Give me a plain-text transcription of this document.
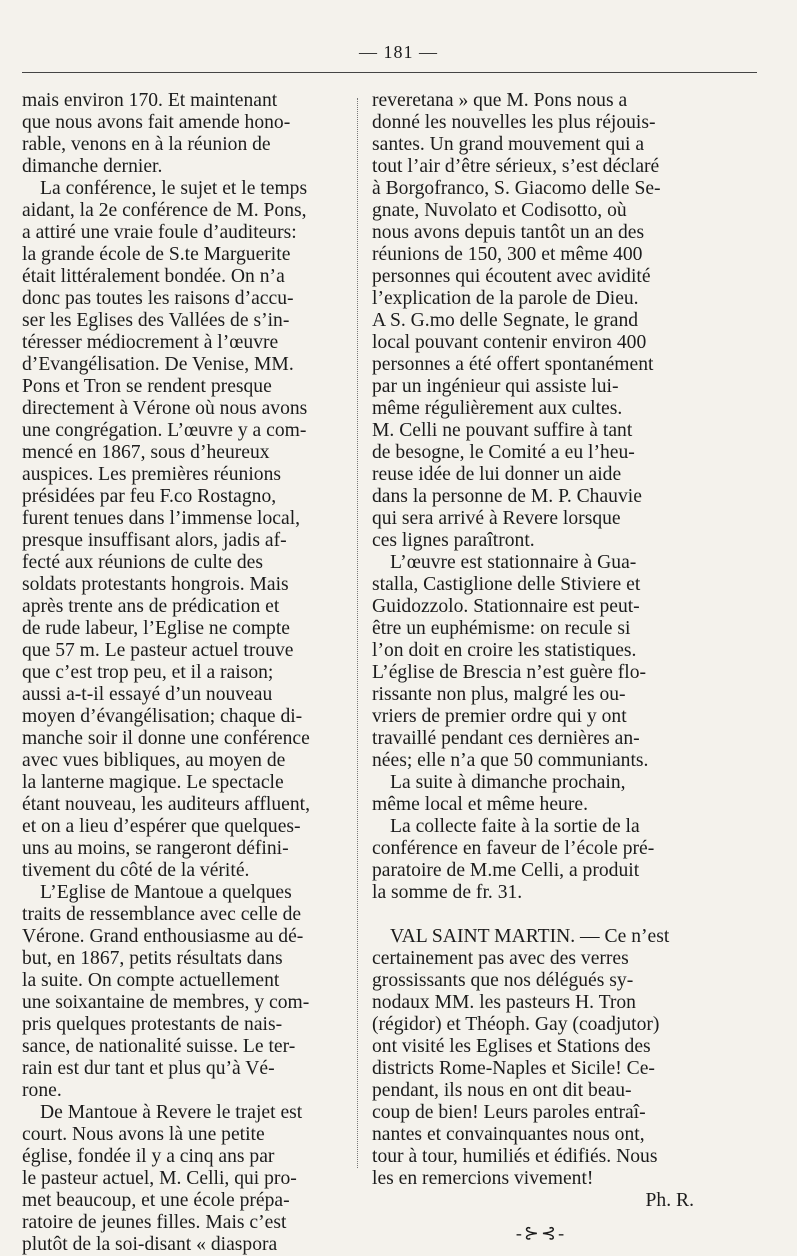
— 181 —

mais environ 170. Et maintenant

que nous avons fait amende hono-

rable, venons en à la réunion de

dimanche dernier.

La conférence, le sujet et le temps

aidant, la 2e conférence de M. Pons,

a attiré une vraie foule d’auditeurs:

la grande école de S.te Marguerite

était littéralement bondée. On n’a

donc pas toutes les raisons d’accu-

ser les Eglises des Vallées de s’in-

téresser médiocrement à l’œuvre

d’Evangélisation. De Venise, MM.

Pons et Tron se rendent presque

directement à Vérone où nous avons

une congrégation. L’œuvre y a com-

mencé en 1867, sous d’heureux

auspices. Les premières réunions

présidées par feu F.co Rostagno,

furent tenues dans l’immense local,

presque insuffisant alors, jadis af-

fecté aux réunions de culte des

soldats protestants hongrois. Mais

après trente ans de prédication et

de rude labeur, l’Eglise ne compte

que 57 m. Le pasteur actuel trouve

que c’est trop peu, et il a raison;

aussi a-t-il essayé d’un nouveau

moyen d’évangélisation; chaque di-

manche soir il donne une conférence

avec vues bibliques, au moyen de

la lanterne magique. Le spectacle

étant nouveau, les auditeurs affluent,

et on a lieu d’espérer que quelques-

uns au moins, se rangeront défini-

tivement du côté de la vérité.

L’Eglise de Mantoue a quelques

traits de ressemblance avec celle de

Vérone. Grand enthousiasme au dé-

but, en 1867, petits résultats dans

la suite. On compte actuellement

une soixantaine de membres, y com-

pris quelques protestants de nais-

sance, de nationalité suisse. Le ter-

rain est dur tant et plus qu’à Vé-

rone.

De Mantoue à Revere le trajet est

court. Nous avons là une petite

église, fondée il y a cinq ans par

le pasteur actuel, M. Celli, qui pro-

met beaucoup, et une école prépa-

ratoire de jeunes filles. Mais c’est

plutôt de la soi-disant « diaspora

reveretana » que M. Pons nous a

donné les nouvelles les plus réjouis-

santes. Un grand mouvement qui a

tout l’air d’être sérieux, s’est déclaré

à Borgofranco, S. Giacomo delle Se-

gnate, Nuvolato et Codisotto, où

nous avons depuis tantôt un an des

réunions de 150, 300 et même 400

personnes qui écoutent avec avidité

l’explication de la parole de Dieu.

A S. G.mo delle Segnate, le grand

local pouvant contenir environ 400

personnes a été offert spontanément

par un ingénieur qui assiste lui-

même régulièrement aux cultes.

M. Celli ne pouvant suffire à tant

de besogne, le Comité a eu l’heu-

reuse idée de lui donner un aide

dans la personne de M. P. Chauvie

qui sera arrivé à Revere lorsque

ces lignes paraîtront.

L’œuvre est stationnaire à Gua-

stalla, Castiglione delle Stiviere et

Guidozzolo. Stationnaire est peut-

être un euphémisme: on recule si

l’on doit en croire les statistiques.

L’église de Brescia n’est guère flo-

rissante non plus, malgré les ou-

vriers de premier ordre qui y ont

travaillé pendant ces dernières an-

nées; elle n’a que 50 communiants.

La suite à dimanche prochain,

même local et même heure.

La collecte faite à la sortie de la

conférence en faveur de l’école pré-

paratoire de M.me Celli, a produit

la somme de fr. 31.

VAL SAINT MARTIN. — Ce n’est

certainement pas avec des verres

grossissants que nos délégués sy-

nodaux MM. les pasteurs H. Tron

(régidor) et Théoph. Gay (coadjutor)

ont visité les Eglises et Stations des

districts Rome-Naples et Sicile! Ce-

pendant, ils nous en ont dit beau-

coup de bien! Leurs paroles entraî-

nantes et convainquantes nous ont,

tour à tour, humiliés et édifiés. Nous

les en remercions vivement!

Ph. R.

-⊱⊰-
